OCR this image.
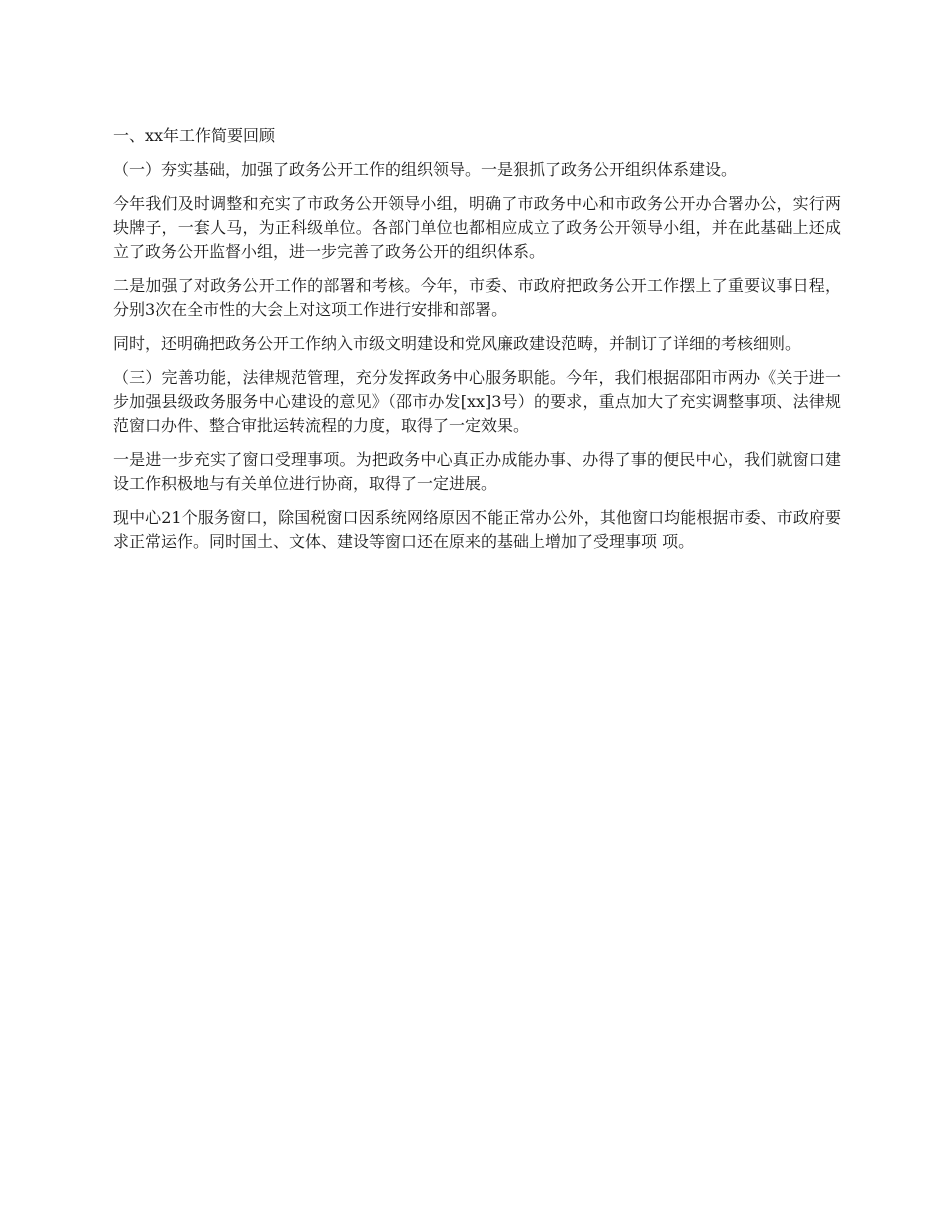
一、xx年工作简要回顾

（一）夯实基础，加强了政务公开工作的组织领导。一是狠抓了政务公开组织体系建设。

今年我们及时调整和充实了市政务公开领导小组，明确了市政务中心和市政务公开办合署办公，实行两块牌子，一套人马，为正科级单位。各部门单位也都相应成立了政务公开领导小组，并在此基础上还成立了政务公开监督小组，进一步完善了政务公开的组织体系。

二是加强了对政务公开工作的部署和考核。今年，市委、市政府把政务公开工作摆上了重要议事日程，分别3次在全市性的大会上对这项工作进行安排和部署。

同时，还明确把政务公开工作纳入市级文明建设和党风廉政建设范畴，并制订了详细的考核细则。

（三）完善功能，法律规范管理，充分发挥政务中心服务职能。今年，我们根据邵阳市两办《关于进一步加强县级政务服务中心建设的意见》（邵市办发[xx]3号）的要求，重点加大了充实调整事项、法律规范窗口办件、整合审批运转流程的力度，取得了一定效果。

一是进一步充实了窗口受理事项。为把政务中心真正办成能办事、办得了事的便民中心，我们就窗口建设工作积极地与有关单位进行协商，取得了一定进展。

现中心21个服务窗口，除国税窗口因系统网络原因不能正常办公外，其他窗口均能根据市委、市政府要求正常运作。同时国土、文体、建设等窗口还在原来的基础上增加了受理事项 项。
